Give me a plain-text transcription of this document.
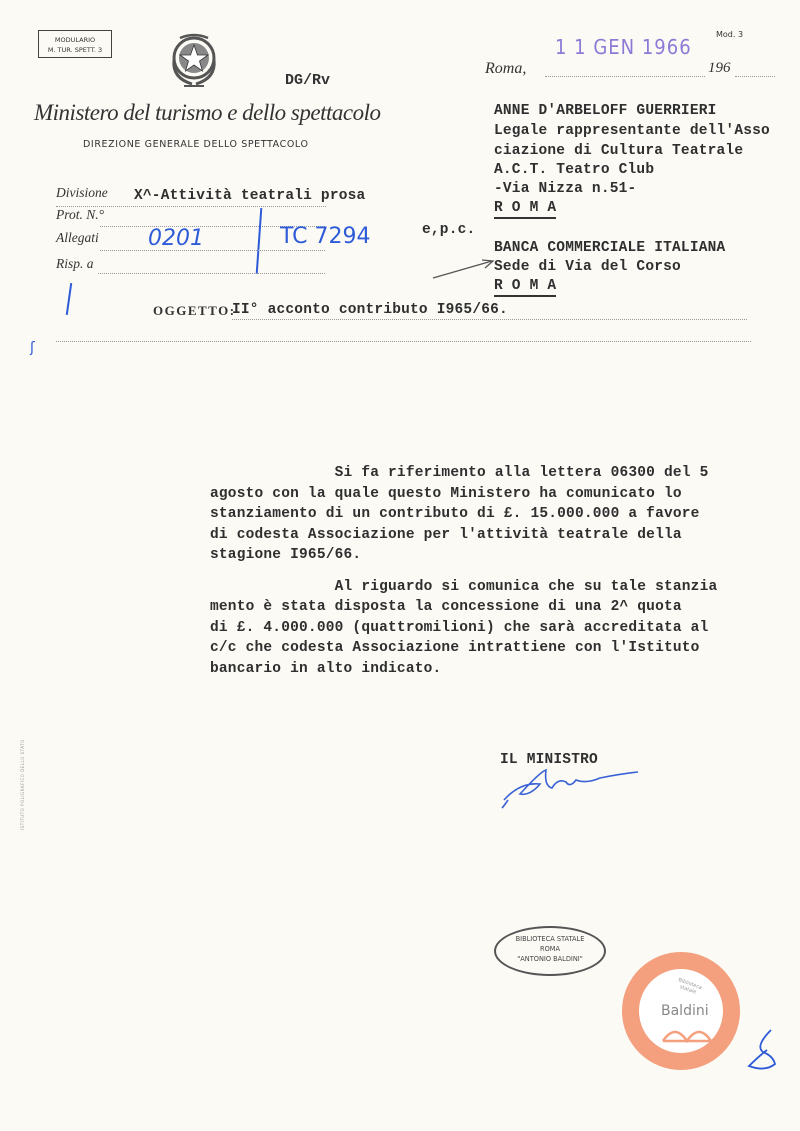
MODULARIO
M. TUR. SPETT. 3
DG/Rv
Ministero del turismo e dello spettacolo
DIREZIONE GENERALE DELLO SPETTACOLO
1 1 GEN 1966
Mod. 3
Roma,	196
ANNE D'ARBELOFF GUERRIERI
Legale rappresentante dell'Asso
ciazione di Cultura Teatrale
A.C.T. Teatro Club
-Via Nizza n.51-
R O M A
e,p.c.
BANCA COMMERCIALE ITALIANA
Sede di Via del Corso
R O M A
Divisione X^-Attività teatrali prosa
Prot. N.°
Allegati 0201	TC 7294
Risp. a
OGGETTO:
II° acconto contributo I965/66.
ʃ
Si fa riferimento alla lettera 06300 del 5
agosto con la quale questo Ministero ha comunicato lo
stanziamento di un contributo di £. 15.000.000 a favore
di codesta Associazione per l'attività teatrale della
stagione I965/66.
Al riguardo si comunica che su tale stanzia
mento è stata disposta la concessione di una 2^ quota
di £. 4.000.000 (quattromilioni) che sarà accreditata al
c/c che codesta Associazione intrattiene con l'Istituto
bancario in alto indicato.
IL MINISTRO
BIBLIOTECA STATALE
ROMA
"ANTONIO BALDINI"
Biblioteca statale
Baldini
ISTITUTO POLIGRAFICO DELLO STATO
